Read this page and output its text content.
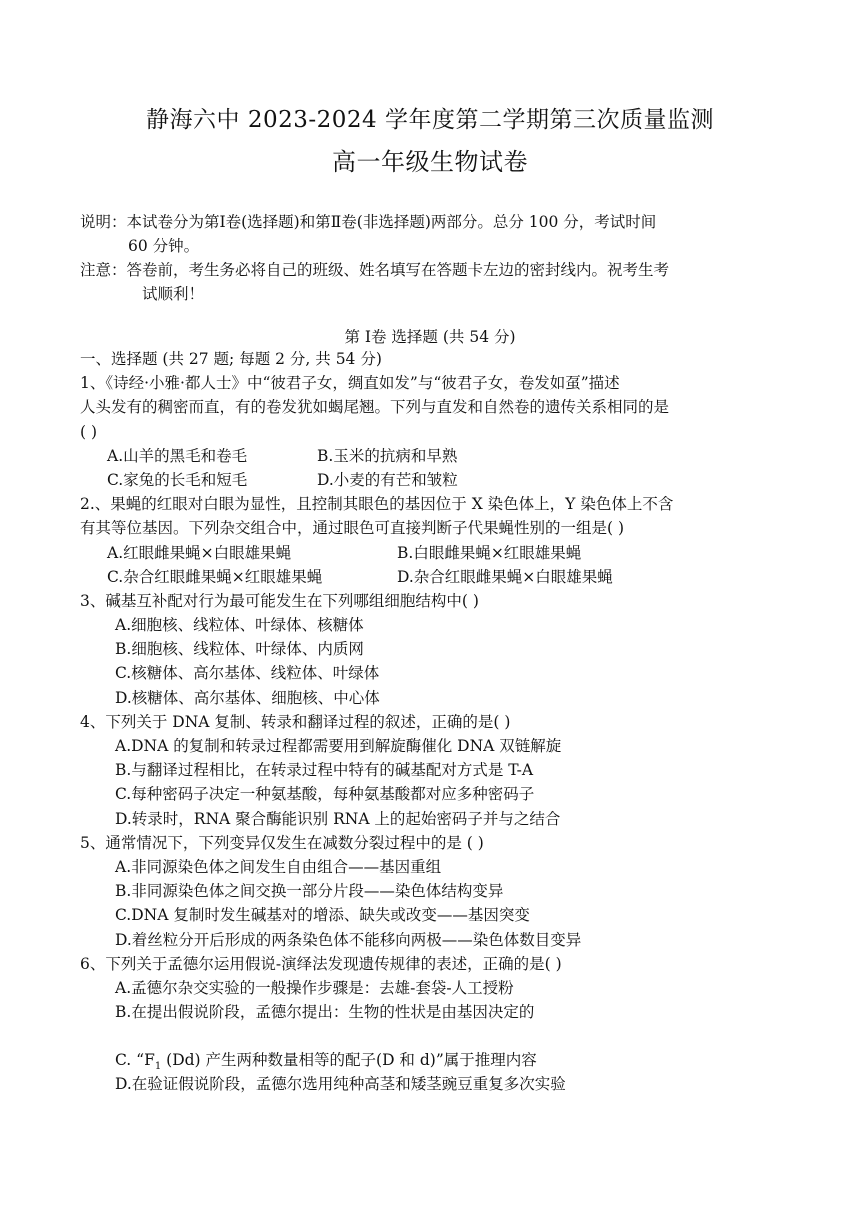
静海六中 2023-2024 学年度第二学期第三次质量监测
高一年级生物试卷
说明：本试卷分为第Ⅰ卷(选择题)和第Ⅱ卷(非选择题)两部分。总分 100 分，考试时间
60 分钟。
注意：答卷前，考生务必将自己的班级、姓名填写在答题卡左边的密封线内。祝考生考
试顺利！
第 Ⅰ卷 选择题 (共 54 分)
一、选择题 (共 27 题; 每题 2 分, 共 54 分)
1、《诗经·小雅·都人士》中“彼君子女，绸直如发”与“彼君子女，卷发如虿”描述
人头发有的稠密而直，有的卷发犹如蝎尾翘。下列与直发和自然卷的遗传关系相同的是
( )
A.山羊的黑毛和卷毛	B.玉米的抗病和早熟
C.家兔的长毛和短毛	D.小麦的有芒和皱粒
2.、果蝇的红眼对白眼为显性，且控制其眼色的基因位于 X 染色体上，Y 染色体上不含
有其等位基因。下列杂交组合中，通过眼色可直接判断子代果蝇性别的一组是( )
A.红眼雌果蝇×白眼雄果蝇	B.白眼雌果蝇×红眼雄果蝇
C.杂合红眼雌果蝇×红眼雄果蝇	D.杂合红眼雌果蝇×白眼雄果蝇
3、碱基互补配对行为最可能发生在下列哪组细胞结构中( )
A.细胞核、线粒体、叶绿体、核糖体
B.细胞核、线粒体、叶绿体、内质网
C.核糖体、高尔基体、线粒体、叶绿体
D.核糖体、高尔基体、细胞核、中心体
4、下列关于 DNA 复制、转录和翻译过程的叙述，正确的是( )
A.DNA 的复制和转录过程都需要用到解旋酶催化 DNA 双链解旋
B.与翻译过程相比，在转录过程中特有的碱基配对方式是 T-A
C.每种密码子决定一种氨基酸，每种氨基酸都对应多种密码子
D.转录时，RNA 聚合酶能识别 RNA 上的起始密码子并与之结合
5、通常情况下，下列变异仅发生在减数分裂过程中的是 ( )
A.非同源染色体之间发生自由组合——基因重组
B.非同源染色体之间交换一部分片段——染色体结构变异
C.DNA 复制时发生碱基对的增添、缺失或改变——基因突变
D.着丝粒分开后形成的两条染色体不能移向两极——染色体数目变异
6、下列关于孟德尔运用假说-演绎法发现遗传规律的表述，正确的是( )
A.孟德尔杂交实验的一般操作步骤是：去雄-套袋-人工授粉
B.在提出假说阶段，孟德尔提出：生物的性状是由基因决定的
C. “$F_1$ (Dd) 产生两种数量相等的配子(D 和 d)”属于推理内容
D.在验证假说阶段，孟德尔选用纯种高茎和矮茎豌豆重复多次实验
